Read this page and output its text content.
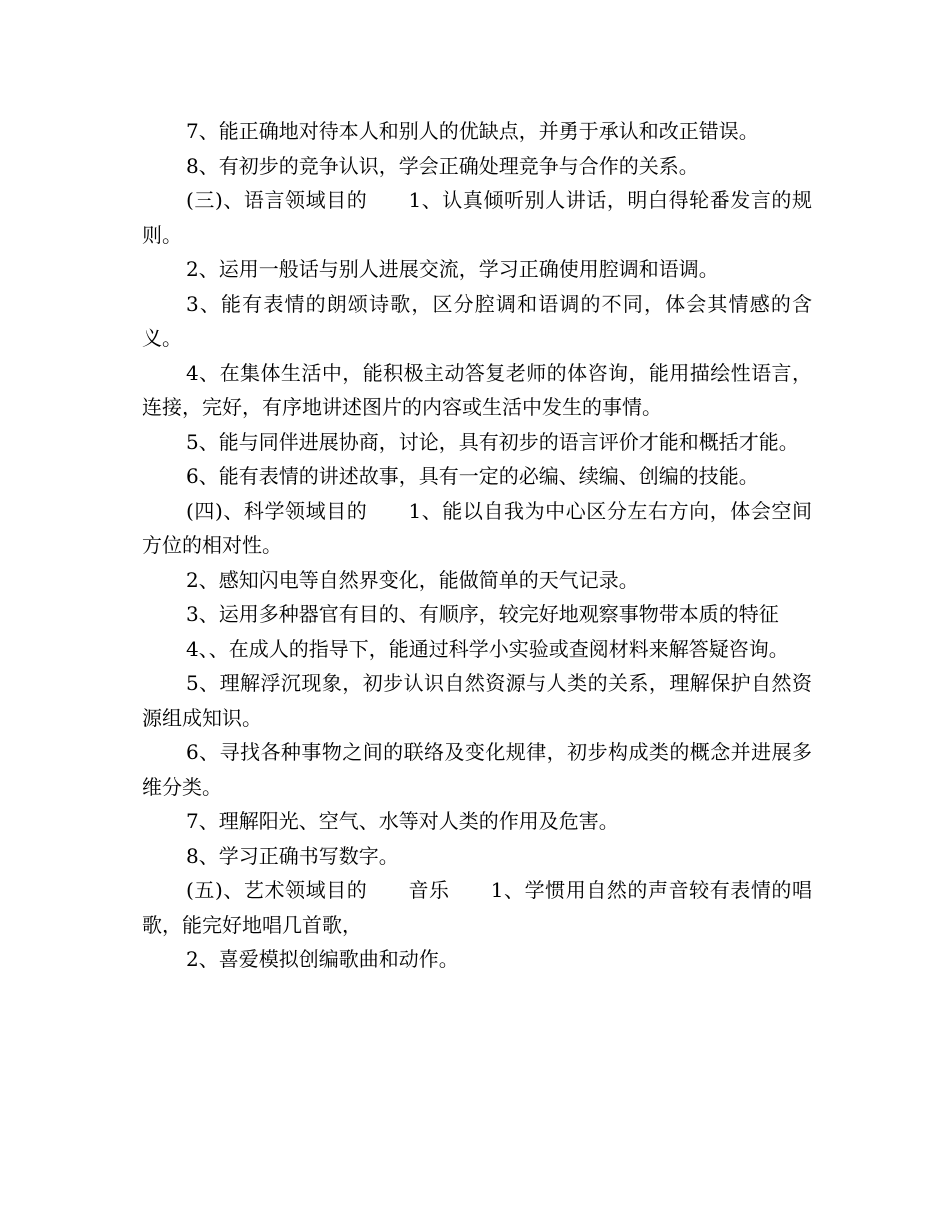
7、能正确地对待本人和别人的优缺点，并勇于承认和改正错误。

8、有初步的竞争认识，学会正确处理竞争与合作的关系。

(三)、语言领域目的　　1、认真倾听别人讲话，明白得轮番发言的规则。

2、运用一般话与别人进展交流，学习正确使用腔调和语调。

3、能有表情的朗颂诗歌，区分腔调和语调的不同，体会其情感的含义。

4、在集体生活中，能积极主动答复老师的体咨询，能用描绘性语言，连接，完好，有序地讲述图片的内容或生活中发生的事情。

5、能与同伴进展协商，讨论，具有初步的语言评价才能和概括才能。

6、能有表情的讲述故事，具有一定的必编、续编、创编的技能。

(四)、科学领域目的　　1、能以自我为中心区分左右方向，体会空间方位的相对性。

2、感知闪电等自然界变化，能做简单的天气记录。

3、运用多种器官有目的、有顺序，较完好地观察事物带本质的特征

4、、在成人的指导下，能通过科学小实验或查阅材料来解答疑咨询。

5、理解浮沉现象，初步认识自然资源与人类的关系，理解保护自然资源组成知识。

6、寻找各种事物之间的联络及变化规律，初步构成类的概念并进展多维分类。

7、理解阳光、空气、水等对人类的作用及危害。

8、学习正确书写数字。

(五)、艺术领域目的　　音乐　　1、学惯用自然的声音较有表情的唱歌，能完好地唱几首歌，

2、喜爱模拟创编歌曲和动作。
